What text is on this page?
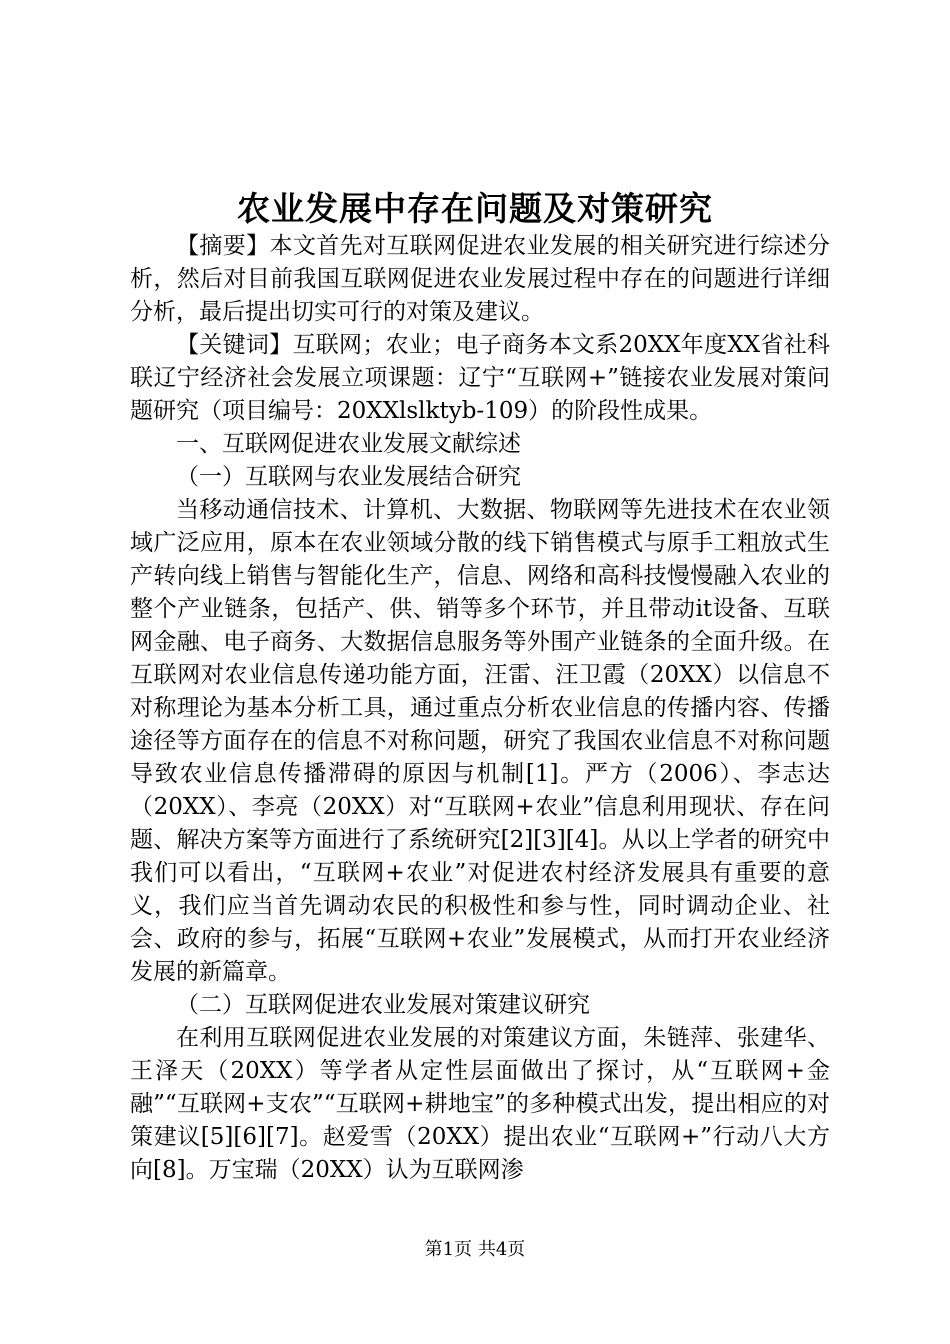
农业发展中存在问题及对策研究

【摘要】本文首先对互联网促进农业发展的相关研究进行综述分析，然后对目前我国互联网促进农业发展过程中存在的问题进行详细分析，最后提出切实可行的对策及建议。

【关键词】互联网；农业；电子商务本文系20XX年度XX省社科联辽宁经济社会发展立项课题：辽宁“互联网+”链接农业发展对策问题研究（项目编号：20XXlslktyb-109）的阶段性成果。

一、互联网促进农业发展文献综述

（一）互联网与农业发展结合研究

当移动通信技术、计算机、大数据、物联网等先进技术在农业领域广泛应用，原本在农业领域分散的线下销售模式与原手工粗放式生产转向线上销售与智能化生产，信息、网络和高科技慢慢融入农业的整个产业链条，包括产、供、销等多个环节，并且带动it设备、互联网金融、电子商务、大数据信息服务等外围产业链条的全面升级。在互联网对农业信息传递功能方面，汪雷、汪卫霞（20XX）以信息不对称理论为基本分析工具，通过重点分析农业信息的传播内容、传播途径等方面存在的信息不对称问题，研究了我国农业信息不对称问题导致农业信息传播滞碍的原因与机制[1]。严方（2006）、李志达（20XX）、李亮（20XX）对“互联网+农业”信息利用现状、存在问题、解决方案等方面进行了系统研究[2][3][4]。从以上学者的研究中我们可以看出，“互联网+农业”对促进农村经济发展具有重要的意义，我们应当首先调动农民的积极性和参与性，同时调动企业、社会、政府的参与，拓展“互联网+农业”发展模式，从而打开农业经济发展的新篇章。

（二）互联网促进农业发展对策建议研究

在利用互联网促进农业发展的对策建议方面，朱链萍、张建华、王泽天（20XX）等学者从定性层面做出了探讨，从“互联网+金融”“互联网+支农”“互联网+耕地宝”的多种模式出发，提出相应的对策建议[5][6][7]。赵爱雪（20XX）提出农业“互联网+”行动八大方向[8]。万宝瑞（20XX）认为互联网渗

第1页 共4页
